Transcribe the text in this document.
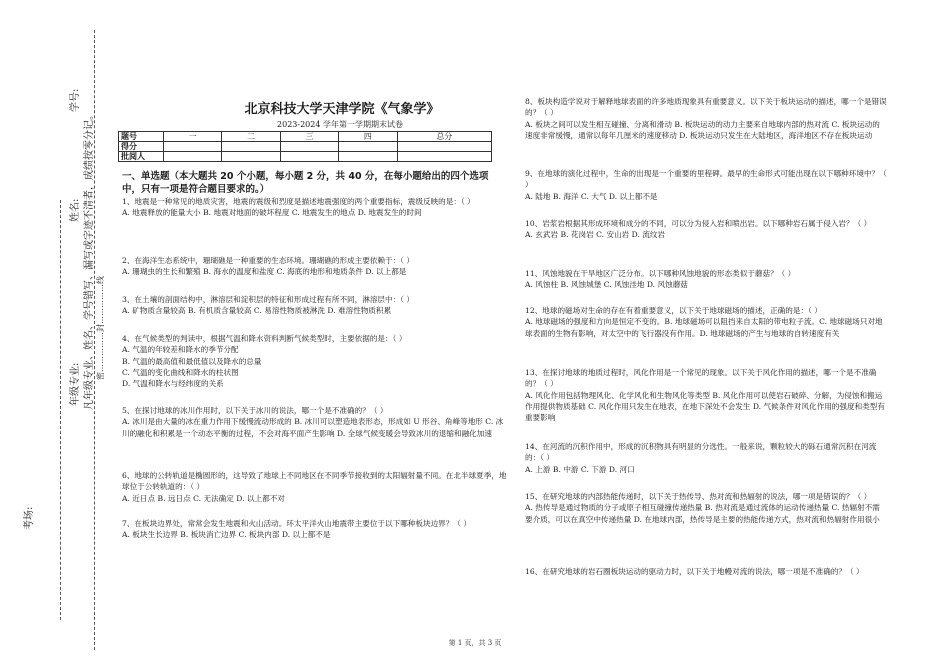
学号:
姓名:
年级专业:
考场:
凡年级专业、姓名、学号错写、漏写或字迹不清者，成绩按零分记。 密……………封……………线
北京科技大学天津学院《气象学》
2023-2024 学年第一学期期末试卷
题号	一	二	三	四	总分
得分					
批阅人					
一、单选题（本大题共 20 个小题，每小题 2 分，共 40 分，在每小题给出的四个选项中，只有一项是符合题目要求的。）
1、地震是一种常见的地质灾害，地震的震级和烈度是描述地震强度的两个重要指标，震级反映的是：（ ）
A. 地震释放的能量大小 B. 地震对地面的破坏程度 C. 地震发生的地点 D. 地震发生的时间
2、在海洋生态系统中，珊瑚礁是一种重要的生态环境。珊瑚礁的形成主要依赖于：（ ）
A. 珊瑚虫的生长和繁殖 B. 海水的温度和盐度 C. 海底的地形和地质条件 D. 以上都是
3、在土壤的剖面结构中，淋溶层和淀积层的特征和形成过程有所不同，淋溶层中：（ ）
A. 矿物质含量较高 B. 有机质含量较高 C. 易溶性物质被淋洗 D. 难溶性物质积累
4、在气候类型的判读中，根据气温和降水资料判断气候类型时，主要依据的是：（ ）
A. 气温的年较差和降水的季节分配
B. 气温的最高值和最低值以及降水的总量
C. 气温的变化曲线和降水的柱状图
D. 气温和降水与经纬度的关系
5、在探讨地球的冰川作用时，以下关于冰川的说法，哪一个是不准确的？（ ）
A. 冰川是由大量的冰在重力作用下缓慢流动形成的 B. 冰川可以塑造地表形态，形成如 U 形谷、角峰等地形 C. 冰川的融化和积累是一个动态平衡的过程，不会对海平面产生影响 D. 全球气候变暖会导致冰川的退缩和融化加速
6、地球的公转轨道是椭圆形的，这导致了地球上不同地区在不同季节接收到的太阳辐射量不同。在北半球夏季，地球位于公转轨道的：（ ）
A. 近日点 B. 远日点 C. 无法确定 D. 以上都不对
7、在板块边界处，常常会发生地震和火山活动。环太平洋火山地震带主要位于以下哪种板块边界？（ ）
A. 板块生长边界 B. 板块消亡边界 C. 板块内部 D. 以上都不是
8、板块构造学说对于解释地球表面的许多地质现象具有重要意义。以下关于板块运动的描述，哪一个是错误的？（ ）
A. 板块之间可以发生相互碰撞、分离和滑动 B. 板块运动的动力主要来自地球内部的热对流 C. 板块运动的速度非常缓慢，通常以每年几厘米的速度移动 D. 板块运动只发生在大陆地区，海洋地区不存在板块运动
9、在地球的演化过程中，生命的出现是一个重要的里程碑。最早的生命形式可能出现在以下哪种环境中？（ ）
A. 陆地 B. 海洋 C. 大气 D. 以上都不是
10、岩浆岩根据其形成环境和成分的不同，可以分为侵入岩和喷出岩。以下哪种岩石属于侵入岩？（ ）
A. 玄武岩 B. 花岗岩 C. 安山岩 D. 流纹岩
11、风蚀地貌在干旱地区广泛分布。以下哪种风蚀地貌的形态类似于蘑菇？（ ）
A. 风蚀柱 B. 风蚀城堡 C. 风蚀洼地 D. 风蚀蘑菇
12、地球的磁场对生命的存在有着重要意义，以下关于地球磁场的描述，正确的是：（ ）
A. 地球磁场的强度和方向是恒定不变的。B. 地球磁场可以阻挡来自太阳的带电粒子流。C. 地球磁场只对地球表面的生物有影响，对太空中的飞行器没有作用。D. 地球磁场的产生与地球的自转速度有关
13、在探讨地球的地质过程时，风化作用是一个常见的现象。以下关于风化作用的描述，哪一个是不准确的？（ ）
A. 风化作用包括物理风化、化学风化和生物风化等类型 B. 风化作用可以使岩石破碎、分解，为侵蚀和搬运作用提供物质基础 C. 风化作用只发生在地表，在地下深处不会发生 D. 气候条件对风化作用的强度和类型有重要影响
14、在河流的沉积作用中，形成的沉积物具有明显的分选性。一般来说，颗粒较大的砾石通常沉积在河流的：（ ）
A. 上游 B. 中游 C. 下游 D. 河口
15、在研究地球的内部热能传递时，以下关于热传导、热对流和热辐射的说法，哪一项是错误的？（ ）
A. 热传导是通过物质的分子或原子相互碰撞传递热量 B. 热对流是通过流体的运动传递热量 C. 热辐射不需要介质，可以在真空中传递热量 D. 在地球内部，热传导是主要的热能传递方式，热对流和热辐射作用很小
16、在研究地球的岩石圈板块运动的驱动力时，以下关于地幔对流的说法，哪一项是不准确的？（ ）
第 1 页，共 3 页
